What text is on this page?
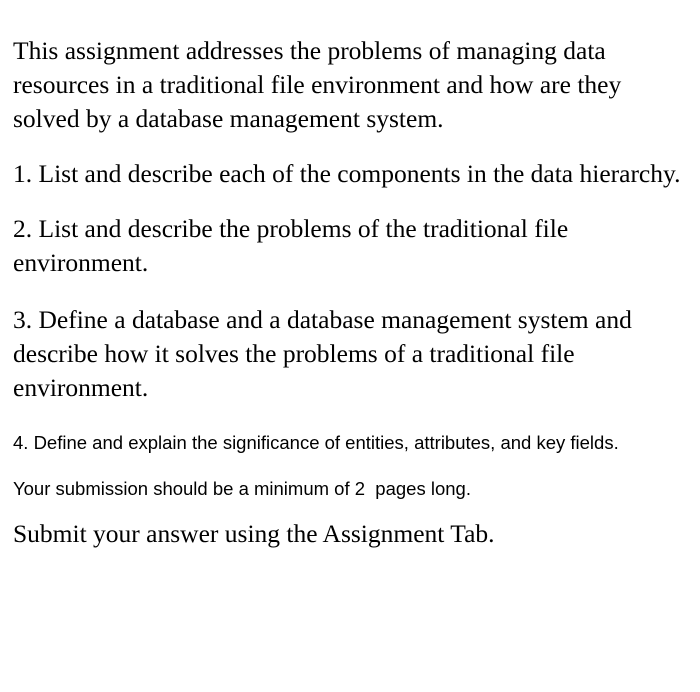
This assignment addresses the problems of managing data resources in a traditional file environment and how are they solved by a database management system.

1. List and describe each of the components in the data hierarchy.

2. List and describe the problems of the traditional file environment.

3. Define a database and a database management system and describe how it solves the problems of a traditional file environment.

4. Define and explain the significance of entities, attributes, and key fields.

Your submission should be a minimum of 2  pages long.

Submit your answer using the Assignment Tab.
